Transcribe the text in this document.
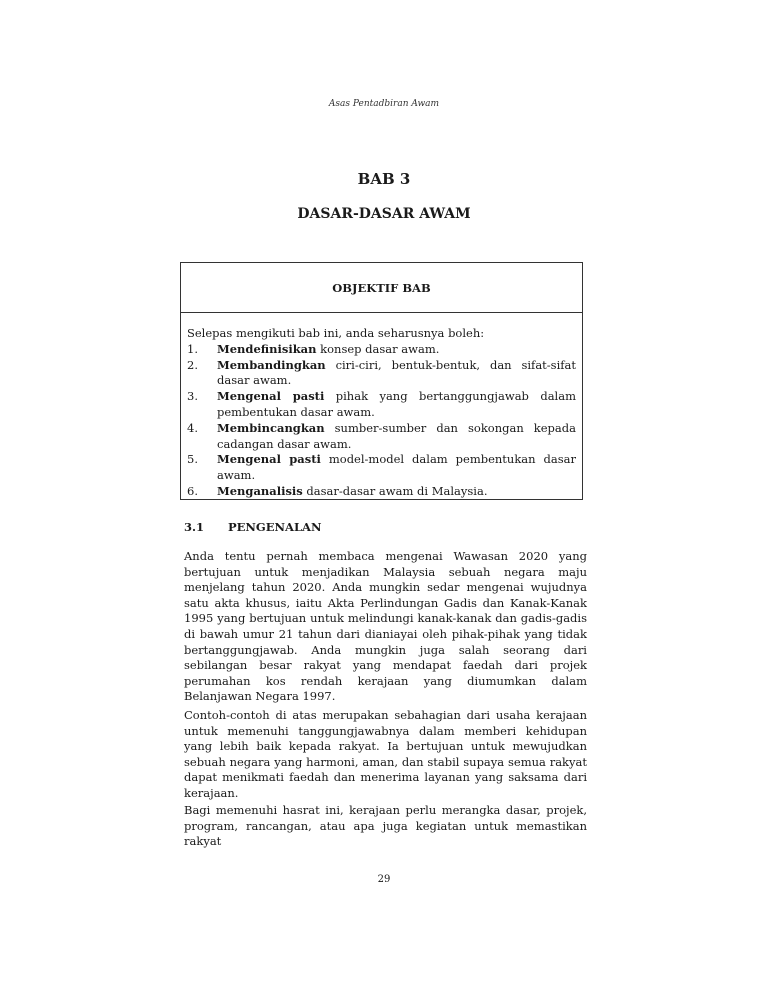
Asas Pentadbiran Awam
BAB 3
DASAR-DASAR AWAM
OBJEKTIF BAB

Selepas mengikuti bab ini, anda seharusnya boleh:

1.	Mendefinisikan konsep dasar awam.
2.	Membandingkan ciri-ciri, bentuk-bentuk, dan sifat-sifat dasar awam.
3.	Mengenal pasti pihak yang bertanggungjawab dalam pembentukan dasar awam.
4.	Membincangkan sumber-sumber dan sokongan kepada cadangan dasar awam.
5.	Mengenal pasti model-model dalam pembentukan dasar awam.
6.	Menganalisis dasar-dasar awam di Malaysia.
3.1 PENGENALAN

Anda tentu pernah membaca mengenai Wawasan 2020 yang bertujuan untuk menjadikan Malaysia sebuah negara maju menjelang tahun 2020. Anda mungkin sedar mengenai wujudnya satu akta khusus, iaitu Akta Perlindungan Gadis dan Kanak-Kanak 1995 yang bertujuan untuk melindungi kanak-kanak dan gadis-gadis di bawah umur 21 tahun dari dianiayai oleh pihak-pihak yang tidak bertanggungjawab. Anda mungkin juga salah seorang dari sebilangan besar rakyat yang mendapat faedah dari projek perumahan kos rendah kerajaan yang diumumkan dalam Belanjawan Negara 1997.

Contoh-contoh di atas merupakan sebahagian dari usaha kerajaan untuk memenuhi tanggungjawabnya dalam memberi kehidupan yang lebih baik kepada rakyat. Ia bertujuan untuk mewujudkan sebuah negara yang harmoni, aman, dan stabil supaya semua rakyat dapat menikmati faedah dan menerima layanan yang saksama dari kerajaan.

Bagi memenuhi hasrat ini, kerajaan perlu merangka dasar, projek, program, rancangan, atau apa juga kegiatan untuk memastikan rakyat

29
